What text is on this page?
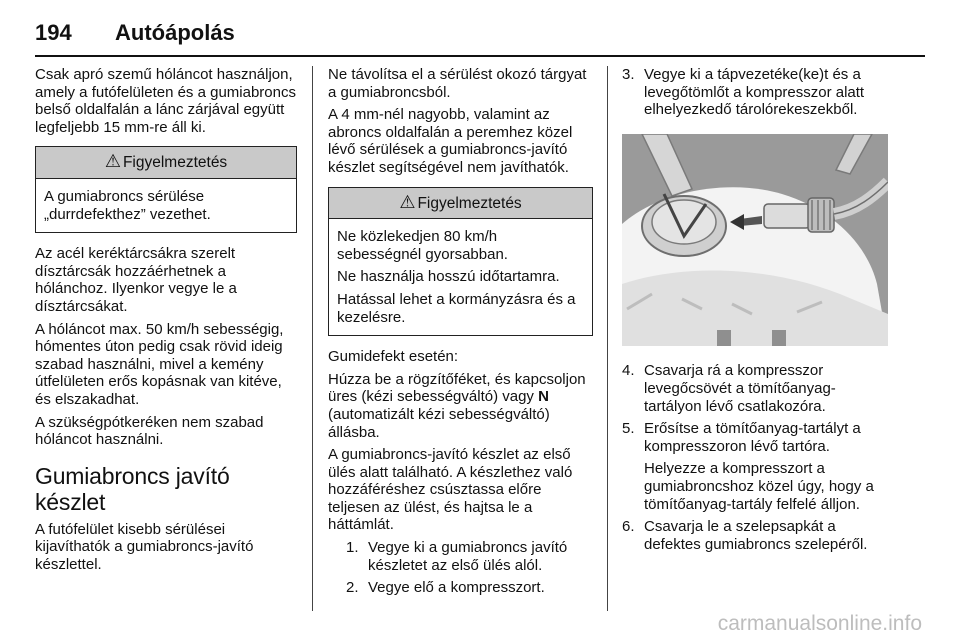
194 Autóápolás

Csak apró szemű hóláncot használjon, amely a futófelületen és a gumiabroncs belső oldalfalán a lánc zárjával együtt legfeljebb 15 mm-re áll ki.

⚠ Figyelmeztetés

A gumiabroncs sérülése „durrdefekthez” vezethet.

Az acél keréktárcsákra szerelt dísztárcsák hozzáérhetnek a hólánchoz. Ilyenkor vegye le a dísztárcsákat.

A hóláncot max. 50 km/h sebességig, hómentes úton pedig csak rövid ideig szabad használni, mivel a kemény útfelületen erős kopásnak van kitéve, és elszakadhat.

A szükségpótkeréken nem szabad hóláncot használni.

Gumiabroncs javító készlet

A futófelület kisebb sérülései kijavíthatók a gumiabroncs-javító készlettel.

Ne távolítsa el a sérülést okozó tárgyat a gumiabroncsból.

A 4 mm-nél nagyobb, valamint az abroncs oldalfalán a peremhez közel lévő sérülések a gumiabroncs-javító készlet segítségével nem javíthatók.

⚠ Figyelmeztetés

Ne közlekedjen 80 km/h sebességnél gyorsabban.

Ne használja hosszú időtartamra.

Hatással lehet a kormányzásra és a kezelésre.

Gumidefekt esetén:

Húzza be a rögzítőféket, és kapcsoljon üres (kézi sebességváltó) vagy N (automatizált kézi sebességváltó) állásba.

A gumiabroncs-javító készlet az első ülés alatt található. A készlethez való hozzáféréshez csúsztassa előre teljesen az ülést, és hajtsa le a háttámlát.

1. Vegye ki a gumiabroncs javító készletet az első ülés alól.
2. Vegye elő a kompresszort.
3. Vegye ki a tápvezetéke(ke)t és a levegőtömlőt a kompresszor alatt elhelyezkedő tárolórekeszekből.
4. Csavarja rá a kompresszor levegőcsövét a tömítőanyag-tartályon lévő csatlakozóra.
5. Erősítse a tömítőanyag-tartályt a kompresszoron lévő tartóra.

Helyezze a kompresszort a gumiabroncshoz közel úgy, hogy a tömítőanyag-tartály felfelé álljon.

6. Csavarja le a szelepsapkát a defektes gumiabroncs szelepéről.
carmanualsonline.info
